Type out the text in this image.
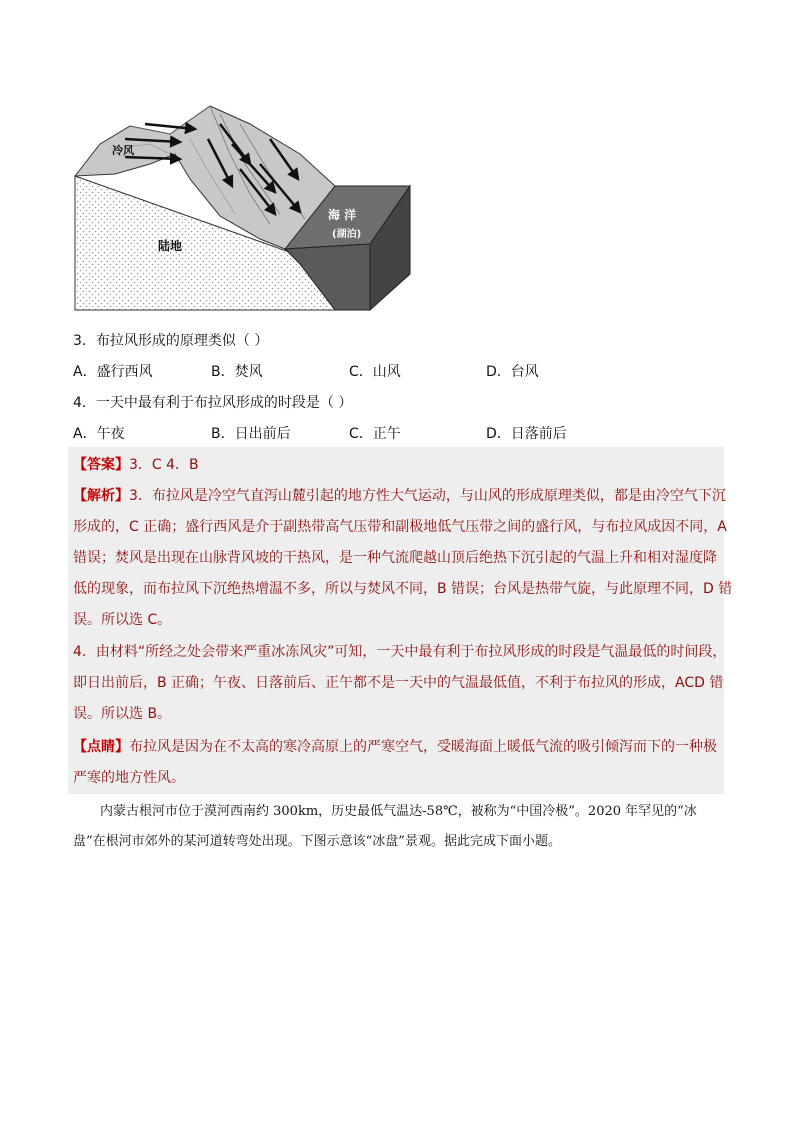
冷风
陆地
海 洋
(湖泊)
3．布拉风形成的原理类似（ ）
A．盛行西风	B．焚风	C．山风	D．台风
4．一天中最有利于布拉风形成的时段是（ ）
A．午夜	B．日出前后	C．正午	D．日落前后
【答案】3．C 4．B
【解析】3．布拉风是冷空气直泻山麓引起的地方性大气运动，与山风的形成原理类似，都是由冷空气下沉
形成的，C 正确；盛行西风是介于副热带高气压带和副极地低气压带之间的盛行风，与布拉风成因不同，A
错误；焚风是出现在山脉背风坡的干热风，是一种气流爬越山顶后绝热下沉引起的气温上升和相对湿度降
低的现象，而布拉风下沉绝热增温不多，所以与焚风不同，B 错误；台风是热带气旋，与此原理不同，D 错
误。所以选 C。
4．由材料“所经之处会带来严重冰冻风灾”可知，一天中最有利于布拉风形成的时段是气温最低的时间段，
即日出前后，B 正确；午夜、日落前后、正午都不是一天中的气温最低值，不利于布拉风的形成，ACD 错
误。所以选 B。
【点睛】布拉风是因为在不太高的寒冷高原上的严寒空气，受暖海面上暖低气流的吸引倾泻而下的一种极
严寒的地方性风。
内蒙古根河市位于漠河西南约 300km，历史最低气温达-58℃，被称为“中国冷极”。2020 年罕见的“冰
盘”在根河市郊外的某河道转弯处出现。下图示意该“冰盘”景观。据此完成下面小题。
